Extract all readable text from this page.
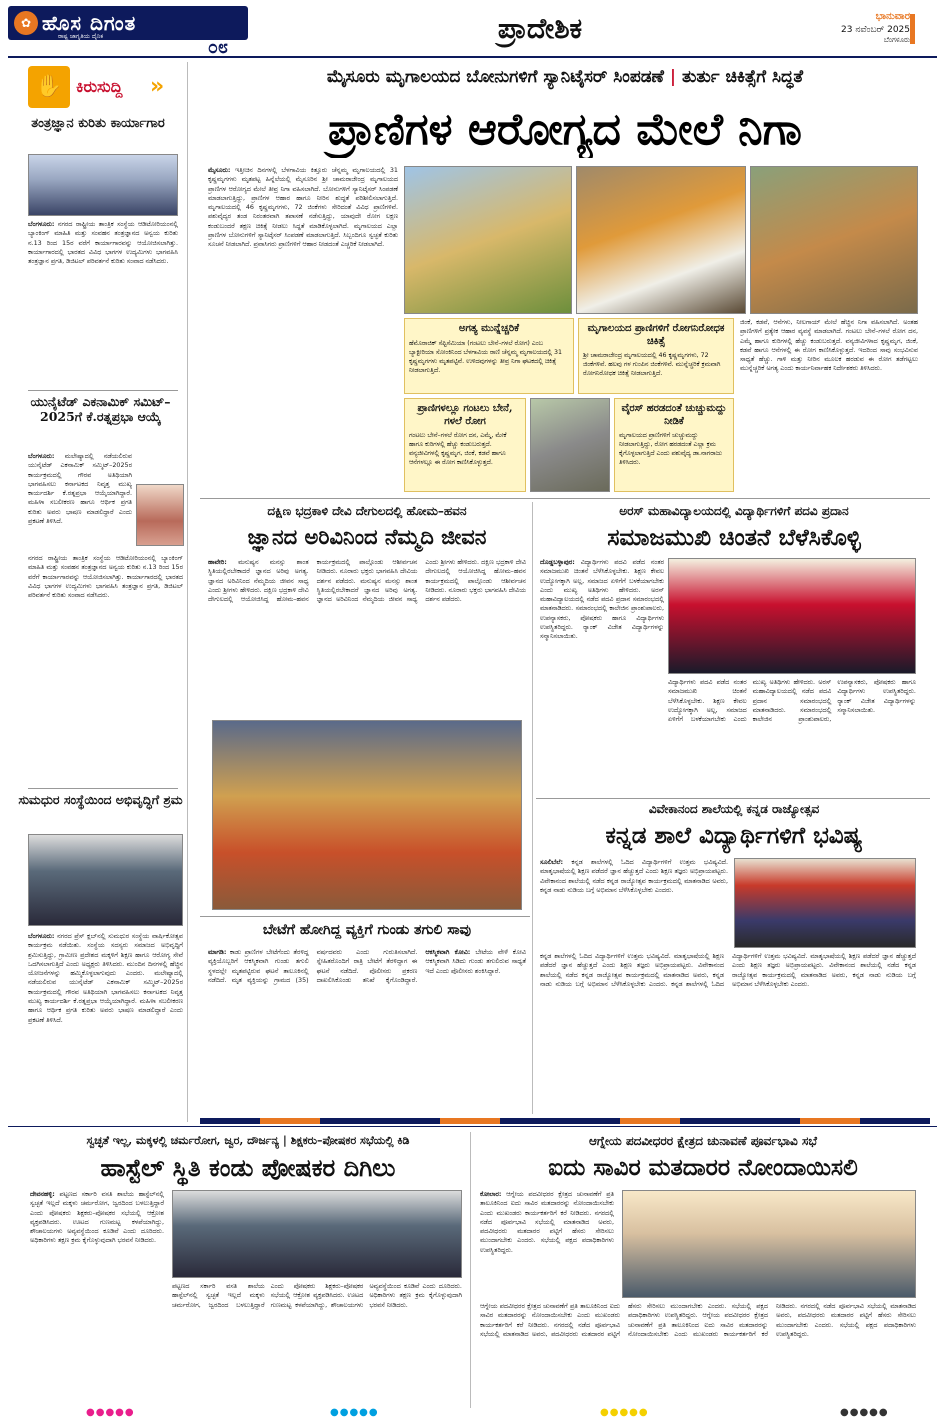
✿ ಹೊಸ ದಿಗಂತ
ರಾಷ್ಟ್ರ ಜಾಗೃತಿಯ ದೈನಿಕ
೦೮
ಪ್ರಾದೇಶಿಕ	ಭಾನುವಾರ
23 ನವೆಂಬರ್ 2025
ಬೆಂಗಳೂರು
✋ ಕಿರುಸುದ್ದಿ »
ತಂತ್ರಜ್ಞಾನ ಕುರಿತು ಕಾರ್ಯಾಗಾರ
ಬೆಂಗಳೂರು: ನಗರದ ರಾಷ್ಟ್ರೀಯ ತಾಂತ್ರಿಕ ಸಂಸ್ಥೆಯ ಆಡಿಟೋರಿಯಂನಲ್ಲಿ ಬ್ಯಾಂಕಿಂಗ್ ಮಾಹಿತಿ ಮತ್ತು ಸಂವಹನ ತಂತ್ರಜ್ಞಾನದ ಅನ್ವಯ ಕುರಿತು ನ.13 ರಿಂದ 15ರ ವರೆಗೆ ಕಾರ್ಯಾಗಾರವನ್ನು ಆಯೋಜಿಸಲಾಗಿತ್ತು. ಕಾರ್ಯಾಗಾರದಲ್ಲಿ ಭಾರತದ ವಿವಿಧ ಭಾಗಗಳ ಉದ್ಯಮಿಗಳು ಭಾಗವಹಿಸಿ ತಂತ್ರಜ್ಞಾನ ಪ್ರಗತಿ, ಡಿಜಿಟಲ್ ಪರಿವರ್ತನೆ ಕುರಿತು ಸಂವಾದ ನಡೆಸಿದರು.
ಯುನೈಟೆಡ್ ಎಕನಾಮಿಕ್ ಸಮಿಟ್–2025ಗೆ ಕೆ.ರತ್ನಪ್ರಭಾ ಆಯ್ಕೆ
ಬೆಂಗಳೂರು: ಮಲೇಷ್ಯಾದಲ್ಲಿ ನಡೆಯಲಿರುವ ಯುನೈಟೆಡ್ ಎಕನಾಮಿಕ್ ಸಮ್ಮಿಟ್–2025ರ ಕಾರ್ಯಕ್ರಮದಲ್ಲಿ ಗೌರವ ಅತಿಥಿಯಾಗಿ ಭಾಗವಹಿಸಲು ಕರ್ನಾಟಕದ ನಿವೃತ್ತ ಮುಖ್ಯ ಕಾರ್ಯದರ್ಶಿ ಕೆ.ರತ್ನಪ್ರಭಾ ಆಯ್ಕೆಯಾಗಿದ್ದಾರೆ. ಮಹಿಳಾ ಸಬಲೀಕರಣ ಹಾಗೂ ಆರ್ಥಿಕ ಪ್ರಗತಿ ಕುರಿತು ಅವರು ಭಾಷಣ ಮಾಡಲಿದ್ದಾರೆ ಎಂದು ಪ್ರಕಟಣೆ ತಿಳಿಸಿದೆ.
ನಗರದ ರಾಷ್ಟ್ರೀಯ ತಾಂತ್ರಿಕ ಸಂಸ್ಥೆಯ ಆಡಿಟೋರಿಯಂನಲ್ಲಿ ಬ್ಯಾಂಕಿಂಗ್ ಮಾಹಿತಿ ಮತ್ತು ಸಂವಹನ ತಂತ್ರಜ್ಞಾನದ ಅನ್ವಯ ಕುರಿತು ನ.13 ರಿಂದ 15ರ ವರೆಗೆ ಕಾರ್ಯಾಗಾರವನ್ನು ಆಯೋಜಿಸಲಾಗಿತ್ತು. ಕಾರ್ಯಾಗಾರದಲ್ಲಿ ಭಾರತದ ವಿವಿಧ ಭಾಗಗಳ ಉದ್ಯಮಿಗಳು ಭಾಗವಹಿಸಿ ತಂತ್ರಜ್ಞಾನ ಪ್ರಗತಿ, ಡಿಜಿಟಲ್ ಪರಿವರ್ತನೆ ಕುರಿತು ಸಂವಾದ ನಡೆಸಿದರು.
ಸುಮಧುರ ಸಂಸ್ಥೆಯಿಂದ ಅಭಿವೃದ್ಧಿಗೆ ಶ್ರಮ
ಬೆಂಗಳೂರು: ನಗರದ ಪ್ರೆಸ್ ಕ್ಲಬ್‌ನಲ್ಲಿ ಸುಮಧುರ ಸಂಸ್ಥೆಯ ವಾರ್ಷಿಕೋತ್ಸವ ಕಾರ್ಯಕ್ರಮ ನಡೆಯಿತು. ಸಂಸ್ಥೆಯ ಸದಸ್ಯರು ಸಮಾಜದ ಅಭಿವೃದ್ಧಿಗೆ ಶ್ರಮಿಸುತ್ತಿದ್ದು, ಗ್ರಾಮೀಣ ಪ್ರದೇಶದ ಮಕ್ಕಳಿಗೆ ಶಿಕ್ಷಣ ಹಾಗೂ ಆರೋಗ್ಯ ಸೇವೆ ಒದಗಿಸಲಾಗುತ್ತಿದೆ ಎಂದು ಅಧ್ಯಕ್ಷರು ತಿಳಿಸಿದರು. ಮುಂದಿನ ದಿನಗಳಲ್ಲಿ ಹೆಚ್ಚಿನ ಯೋಜನೆಗಳನ್ನು ಹಮ್ಮಿಕೊಳ್ಳಲಾಗುವುದು ಎಂದರು. ಮಲೇಷ್ಯಾದಲ್ಲಿ ನಡೆಯಲಿರುವ ಯುನೈಟೆಡ್ ಎಕನಾಮಿಕ್ ಸಮ್ಮಿಟ್–2025ರ ಕಾರ್ಯಕ್ರಮದಲ್ಲಿ ಗೌರವ ಅತಿಥಿಯಾಗಿ ಭಾಗವಹಿಸಲು ಕರ್ನಾಟಕದ ನಿವೃತ್ತ ಮುಖ್ಯ ಕಾರ್ಯದರ್ಶಿ ಕೆ.ರತ್ನಪ್ರಭಾ ಆಯ್ಕೆಯಾಗಿದ್ದಾರೆ. ಮಹಿಳಾ ಸಬಲೀಕರಣ ಹಾಗೂ ಆರ್ಥಿಕ ಪ್ರಗತಿ ಕುರಿತು ಅವರು ಭಾಷಣ ಮಾಡಲಿದ್ದಾರೆ ಎಂದು ಪ್ರಕಟಣೆ ತಿಳಿಸಿದೆ.
ಮೈಸೂರು ಮೃಗಾಲಯದ ಬೋನುಗಳಿಗೆ ಸ್ಯಾನಿಟೈಸರ್ ಸಿಂಪಡಣೆ | ತುರ್ತು ಚಿಕಿತ್ಸೆಗೆ ಸಿದ್ಧತೆ
ಪ್ರಾಣಿಗಳ ಆರೋಗ್ಯದ ಮೇಲೆ ನಿಗಾ
ಮೈಸೂರು: ಇತ್ತೀಚಿನ ದಿನಗಳಲ್ಲಿ ಬೆಳಗಾವಿಯ ಕಿತ್ತೂರು ಚೆನ್ನಮ್ಮ ಮೃಗಾಲಯದಲ್ಲಿ 31 ಕೃಷ್ಣಮೃಗಗಳು ಮೃತಪಟ್ಟ ಹಿನ್ನೆಲೆಯಲ್ಲಿ ಮೈಸೂರಿನ ಶ್ರೀ ಚಾಮರಾಜೇಂದ್ರ ಮೃಗಾಲಯದ ಪ್ರಾಣಿಗಳ ಆರೋಗ್ಯದ ಮೇಲೆ ತೀವ್ರ ನಿಗಾ ವಹಿಸಲಾಗಿದೆ. ಬೋನುಗಳಿಗೆ ಸ್ಯಾನಿಟೈಸರ್ ಸಿಂಪಡಣೆ ಮಾಡಲಾಗುತ್ತಿದ್ದು, ಪ್ರಾಣಿಗಳ ಆಹಾರ ಹಾಗೂ ನೀರಿನ ಶುದ್ಧತೆ ಪರಿಶೀಲಿಸಲಾಗುತ್ತಿದೆ. ಮೃಗಾಲಯದಲ್ಲಿ 46 ಕೃಷ್ಣಮೃಗಗಳು, 72 ಜಿಂಕೆಗಳು ಸೇರಿದಂತೆ ವಿವಿಧ ಪ್ರಾಣಿಗಳಿವೆ. ಪಶುವೈದ್ಯರ ತಂಡ ನಿರಂತರವಾಗಿ ತಪಾಸಣೆ ನಡೆಸುತ್ತಿದ್ದು, ಯಾವುದೇ ರೋಗ ಲಕ್ಷಣ ಕಂಡುಬಂದರೆ ತಕ್ಷಣ ಚಿಕಿತ್ಸೆ ನೀಡಲು ಸಿದ್ಧತೆ ಮಾಡಿಕೊಳ್ಳಲಾಗಿದೆ. ಮೃಗಾಲಯದ ಎಲ್ಲಾ ಪ್ರಾಣಿಗಳ ಬೋನುಗಳಿಗೆ ಸ್ಯಾನಿಟೈಸರ್ ಸಿಂಪಡಣೆ ಮಾಡಲಾಗುತ್ತಿದೆ. ಸಿಬ್ಬಂದಿಗೂ ಸ್ವಚ್ಛತೆ ಕುರಿತು ಸೂಚನೆ ನೀಡಲಾಗಿದೆ. ಪ್ರವಾಸಿಗರು ಪ್ರಾಣಿಗಳಿಗೆ ಆಹಾರ ನೀಡದಂತೆ ಎಚ್ಚರಿಕೆ ನೀಡಲಾಗಿದೆ.
ಅಗತ್ಯ ಮುನ್ನೆಚ್ಚರಿಕೆ
ಹೆಮೊರಾಜಿಕ್ ಸೆಪ್ಟಿಸೆಮಿಯಾ (ಗಂಟಲು ಬೇನೆ–ಗಳಲೆ ರೋಗ) ಎಂಬ ಬ್ಯಾಕ್ಟೀರಿಯಾ ಸೋಂಕಿನಿಂದ ಬೆಳಗಾವಿಯ ರಾಣಿ ಚೆನ್ನಮ್ಮ ಮೃಗಾಲಯದಲ್ಲಿ 31 ಕೃಷ್ಣಮೃಗಗಳು ಮೃತಪಟ್ಟಿವೆ. ಉಳಿದವುಗಳನ್ನು ತೀವ್ರ ನಿಗಾ ಘಟಕದಲ್ಲಿ ಚಿಕಿತ್ಸೆ ನೀಡಲಾಗುತ್ತಿದೆ.
ಮೃಗಾಲಯದ ಪ್ರಾಣಿಗಳಿಗೆ ರೋಗನಿರೋಧಕ ಚಿಕಿತ್ಸೆ
ಶ್ರೀ ಚಾಮರಾಜೇಂದ್ರ ಮೃಗಾಲಯದಲ್ಲಿ 46 ಕೃಷ್ಣಮೃಗಗಳು, 72 ಜಿಂಕೆಗಳಿವೆ. ಹಲವು ಗಳ ಗುಂಪಿನ ಜಿಂಕೆಗಳಿವೆ. ಮುನ್ನೆಚ್ಚರಿಕೆ ಕ್ರಮವಾಗಿ ರೋಗನಿರೋಧಕ ಚಿಕಿತ್ಸೆ ನೀಡಲಾಗುತ್ತಿದೆ.
ಪ್ರಾಣಿಗಳಲ್ಲೂ ಗಂಟಲು ಬೇನೆ, ಗಳಲೆ ರೋಗ
ಗಂಟಲು ಬೇನೆ–ಗಳಲೆ ರೋಗ ದನ, ಎಮ್ಮೆ, ಮೇಕೆ ಹಾಗೂ ಕುರಿಗಳಲ್ಲಿ ಹೆಚ್ಚು ಕಂಡುಬರುತ್ತದೆ. ವನ್ಯಜೀವಿಗಳಲ್ಲಿ ಕೃಷ್ಣಮೃಗ, ಜಿಂಕೆ, ಕಡವೆ ಹಾಗೂ ಆನೆಗಳಲ್ಲೂ ಈ ರೋಗ ಕಾಣಿಸಿಕೊಳ್ಳುತ್ತದೆ.
ವೈರಸ್ ಹರಡದಂತೆ ಚುಚ್ಚುಮದ್ದು ನೀಡಿಕೆ
ಮೃಗಾಲಯದ ಪ್ರಾಣಿಗಳಿಗೆ ಚುಚ್ಚುಮದ್ದು ನೀಡಲಾಗುತ್ತಿದ್ದು, ರೋಗ ಹರಡದಂತೆ ಎಲ್ಲಾ ಕ್ರಮ ಕೈಗೊಳ್ಳಲಾಗುತ್ತಿದೆ ಎಂದು ಪಶುವೈದ್ಯ ಡಾ.ನಾಗರಾಜು ತಿಳಿಸಿದರು.
ಜಿಂಕೆ, ಕಡವೆ, ಆನೆಗಳು, ನೀಲಗಾಯ್ ಮೇಲೆ ಹೆಚ್ಚಿನ ನಿಗಾ ವಹಿಸಲಾಗಿದೆ. ಅಂತಹ ಪ್ರಾಣಿಗಳಿಗೆ ಪ್ರತ್ಯೇಕ ಆಹಾರ ವ್ಯವಸ್ಥೆ ಮಾಡಲಾಗಿದೆ. ಗಂಟಲು ಬೇನೆ–ಗಳಲೆ ರೋಗ ದನ, ಎಮ್ಮೆ ಹಾಗೂ ಕುರಿಗಳಲ್ಲಿ ಹೆಚ್ಚು ಕಂಡುಬರುತ್ತದೆ. ವನ್ಯಜೀವಿಗಳಾದ ಕೃಷ್ಣಮೃಗ, ಜಿಂಕೆ, ಕಡವೆ ಹಾಗೂ ಆನೆಗಳಲ್ಲಿ ಈ ರೋಗ ಕಾಣಿಸಿಕೊಳ್ಳುತ್ತದೆ. ಇದರಿಂದ ಸಾವು ಸಂಭವಿಸುವ ಸಾಧ್ಯತೆ ಹೆಚ್ಚು. ಗಾಳಿ ಮತ್ತು ನೀರಿನ ಮೂಲಕ ಹರಡುವ ಈ ರೋಗ ತಡೆಗಟ್ಟಲು ಮುನ್ನೆಚ್ಚರಿಕೆ ಅಗತ್ಯ ಎಂದು ಕಾರ್ಯನಿರ್ವಾಹಕ ನಿರ್ದೇಶಕರು ತಿಳಿಸಿದರು.
ದಕ್ಷಿಣ ಭದ್ರಕಾಳಿ ದೇವಿ ದೇಗುಲದಲ್ಲಿ ಹೋಮ–ಹವನ
ಜ್ಞಾನದ ಅರಿವಿನಿಂದ ನೆಮ್ಮದಿ ಜೀವನ
ಹಾವೇರಿ: ಮನುಷ್ಯನ ಮನಸ್ಸು ಶಾಂತ ಸ್ಥಿತಿಯಲ್ಲಿರಬೇಕಾದರೆ ಜ್ಞಾನದ ಅರಿವು ಅಗತ್ಯ. ಜ್ಞಾನದ ಅರಿವಿನಿಂದ ನೆಮ್ಮದಿಯ ಜೀವನ ಸಾಧ್ಯ ಎಂದು ಶ್ರೀಗಳು ಹೇಳಿದರು. ದಕ್ಷಿಣ ಭದ್ರಕಾಳಿ ದೇವಿ ದೇಗುಲದಲ್ಲಿ ಆಯೋಜಿಸಿದ್ದ ಹೋಮ–ಹವನ ಕಾರ್ಯಕ್ರಮದಲ್ಲಿ ಪಾಲ್ಗೊಂಡು ಆಶೀರ್ವಚನ ನೀಡಿದರು. ನೂರಾರು ಭಕ್ತರು ಭಾಗವಹಿಸಿ ದೇವಿಯ ದರ್ಶನ ಪಡೆದರು. ಮನುಷ್ಯನ ಮನಸ್ಸು ಶಾಂತ ಸ್ಥಿತಿಯಲ್ಲಿರಬೇಕಾದರೆ ಜ್ಞಾನದ ಅರಿವು ಅಗತ್ಯ. ಜ್ಞಾನದ ಅರಿವಿನಿಂದ ನೆಮ್ಮದಿಯ ಜೀವನ ಸಾಧ್ಯ ಎಂದು ಶ್ರೀಗಳು ಹೇಳಿದರು. ದಕ್ಷಿಣ ಭದ್ರಕಾಳಿ ದೇವಿ ದೇಗುಲದಲ್ಲಿ ಆಯೋಜಿಸಿದ್ದ ಹೋಮ–ಹವನ ಕಾರ್ಯಕ್ರಮದಲ್ಲಿ ಪಾಲ್ಗೊಂಡು ಆಶೀರ್ವಚನ ನೀಡಿದರು. ನೂರಾರು ಭಕ್ತರು ಭಾಗವಹಿಸಿ ದೇವಿಯ ದರ್ಶನ ಪಡೆದರು.
ಅರಸ್ ಮಹಾವಿದ್ಯಾಲಯದಲ್ಲಿ ವಿದ್ಯಾರ್ಥಿಗಳಿಗೆ ಪದವಿ ಪ್ರದಾನ
ಸಮಾಜಮುಖಿ ಚಿಂತನೆ ಬೆಳೆಸಿಕೊಳ್ಳಿ
ದೊಡ್ಡಬಳ್ಳಾಪುರ: ವಿದ್ಯಾರ್ಥಿಗಳು ಪದವಿ ಪಡೆದ ನಂತರ ಸಮಾಜಮುಖಿ ಚಿಂತನೆ ಬೆಳೆಸಿಕೊಳ್ಳಬೇಕು. ಶಿಕ್ಷಣ ಕೇವಲ ಉದ್ಯೋಗಕ್ಕಾಗಿ ಅಲ್ಲ, ಸಮಾಜದ ಏಳಿಗೆಗೆ ಬಳಕೆಯಾಗಬೇಕು ಎಂದು ಮುಖ್ಯ ಅತಿಥಿಗಳು ಹೇಳಿದರು. ಅರಸ್ ಮಹಾವಿದ್ಯಾಲಯದಲ್ಲಿ ನಡೆದ ಪದವಿ ಪ್ರದಾನ ಸಮಾರಂಭದಲ್ಲಿ ಮಾತನಾಡಿದರು. ಸಮಾರಂಭದಲ್ಲಿ ಕಾಲೇಜಿನ ಪ್ರಾಂಶುಪಾಲರು, ಉಪನ್ಯಾಸಕರು, ಪೋಷಕರು ಹಾಗೂ ವಿದ್ಯಾರ್ಥಿಗಳು ಉಪಸ್ಥಿತರಿದ್ದರು. ರ‍್ಯಾಂಕ್ ವಿಜೇತ ವಿದ್ಯಾರ್ಥಿಗಳನ್ನು ಸನ್ಮಾನಿಸಲಾಯಿತು.
ವಿದ್ಯಾರ್ಥಿಗಳು ಪದವಿ ಪಡೆದ ನಂತರ ಸಮಾಜಮುಖಿ ಚಿಂತನೆ ಬೆಳೆಸಿಕೊಳ್ಳಬೇಕು. ಶಿಕ್ಷಣ ಕೇವಲ ಉದ್ಯೋಗಕ್ಕಾಗಿ ಅಲ್ಲ, ಸಮಾಜದ ಏಳಿಗೆಗೆ ಬಳಕೆಯಾಗಬೇಕು ಎಂದು ಮುಖ್ಯ ಅತಿಥಿಗಳು ಹೇಳಿದರು. ಅರಸ್ ಮಹಾವಿದ್ಯಾಲಯದಲ್ಲಿ ನಡೆದ ಪದವಿ ಪ್ರದಾನ ಸಮಾರಂಭದಲ್ಲಿ ಮಾತನಾಡಿದರು. ಸಮಾರಂಭದಲ್ಲಿ ಕಾಲೇಜಿನ ಪ್ರಾಂಶುಪಾಲರು, ಉಪನ್ಯಾಸಕರು, ಪೋಷಕರು ಹಾಗೂ ವಿದ್ಯಾರ್ಥಿಗಳು ಉಪಸ್ಥಿತರಿದ್ದರು. ರ‍್ಯಾಂಕ್ ವಿಜೇತ ವಿದ್ಯಾರ್ಥಿಗಳನ್ನು ಸನ್ಮಾನಿಸಲಾಯಿತು.
ವಿವೇಕಾನಂದ ಶಾಲೆಯಲ್ಲಿ ಕನ್ನಡ ರಾಜ್ಯೋತ್ಸವ
ಕನ್ನಡ ಶಾಲೆ ವಿದ್ಯಾರ್ಥಿಗಳಿಗೆ ಭವಿಷ್ಯ
ಸೂಲಿಬೆಲೆ: ಕನ್ನಡ ಶಾಲೆಗಳಲ್ಲಿ ಓದಿದ ವಿದ್ಯಾರ್ಥಿಗಳಿಗೆ ಉತ್ತಮ ಭವಿಷ್ಯವಿದೆ. ಮಾತೃಭಾಷೆಯಲ್ಲಿ ಶಿಕ್ಷಣ ಪಡೆದರೆ ಜ್ಞಾನ ಹೆಚ್ಚುತ್ತದೆ ಎಂದು ಶಿಕ್ಷಣ ತಜ್ಞರು ಅಭಿಪ್ರಾಯಪಟ್ಟರು. ವಿವೇಕಾನಂದ ಶಾಲೆಯಲ್ಲಿ ನಡೆದ ಕನ್ನಡ ರಾಜ್ಯೋತ್ಸವ ಕಾರ್ಯಕ್ರಮದಲ್ಲಿ ಮಾತನಾಡಿದ ಅವರು, ಕನ್ನಡ ನಾಡು ನುಡಿಯ ಬಗ್ಗೆ ಅಭಿಮಾನ ಬೆಳೆಸಿಕೊಳ್ಳಬೇಕು ಎಂದರು.
ಕನ್ನಡ ಶಾಲೆಗಳಲ್ಲಿ ಓದಿದ ವಿದ್ಯಾರ್ಥಿಗಳಿಗೆ ಉತ್ತಮ ಭವಿಷ್ಯವಿದೆ. ಮಾತೃಭಾಷೆಯಲ್ಲಿ ಶಿಕ್ಷಣ ಪಡೆದರೆ ಜ್ಞಾನ ಹೆಚ್ಚುತ್ತದೆ ಎಂದು ಶಿಕ್ಷಣ ತಜ್ಞರು ಅಭಿಪ್ರಾಯಪಟ್ಟರು. ವಿವೇಕಾನಂದ ಶಾಲೆಯಲ್ಲಿ ನಡೆದ ಕನ್ನಡ ರಾಜ್ಯೋತ್ಸವ ಕಾರ್ಯಕ್ರಮದಲ್ಲಿ ಮಾತನಾಡಿದ ಅವರು, ಕನ್ನಡ ನಾಡು ನುಡಿಯ ಬಗ್ಗೆ ಅಭಿಮಾನ ಬೆಳೆಸಿಕೊಳ್ಳಬೇಕು ಎಂದರು. ಕನ್ನಡ ಶಾಲೆಗಳಲ್ಲಿ ಓದಿದ ವಿದ್ಯಾರ್ಥಿಗಳಿಗೆ ಉತ್ತಮ ಭವಿಷ್ಯವಿದೆ. ಮಾತೃಭಾಷೆಯಲ್ಲಿ ಶಿಕ್ಷಣ ಪಡೆದರೆ ಜ್ಞಾನ ಹೆಚ್ಚುತ್ತದೆ ಎಂದು ಶಿಕ್ಷಣ ತಜ್ಞರು ಅಭಿಪ್ರಾಯಪಟ್ಟರು. ವಿವೇಕಾನಂದ ಶಾಲೆಯಲ್ಲಿ ನಡೆದ ಕನ್ನಡ ರಾಜ್ಯೋತ್ಸವ ಕಾರ್ಯಕ್ರಮದಲ್ಲಿ ಮಾತನಾಡಿದ ಅವರು, ಕನ್ನಡ ನಾಡು ನುಡಿಯ ಬಗ್ಗೆ ಅಭಿಮಾನ ಬೆಳೆಸಿಕೊಳ್ಳಬೇಕು ಎಂದರು.
ಬೇಟೆಗೆ ಹೋಗಿದ್ದ ವ್ಯಕ್ತಿಗೆ ಗುಂಡು ತಗುಲಿ ಸಾವು
ಮಾಗಡಿ: ಕಾಡು ಪ್ರಾಣಿಗಳ ಬೇಟೆಗೆಂದು ತೆರಳಿದ್ದ ವ್ಯಕ್ತಿಯೊಬ್ಬರಿಗೆ ಆಕಸ್ಮಿಕವಾಗಿ ಗುಂಡು ತಗುಲಿ ಸ್ಥಳದಲ್ಲೇ ಮೃತಪಟ್ಟಿರುವ ಘಟನೆ ತಾಲೂಕಿನಲ್ಲಿ ನಡೆದಿದೆ. ಮೃತ ವ್ಯಕ್ತಿಯನ್ನು ಗ್ರಾಮದ (35) ವರ್ಷದವರು ಎಂದು ಗುರುತಿಸಲಾಗಿದೆ. ಸ್ನೇಹಿತರೊಂದಿಗೆ ರಾತ್ರಿ ಬೇಟೆಗೆ ತೆರಳಿದ್ದಾಗ ಈ ಘಟನೆ ನಡೆದಿದೆ. ಪೊಲೀಸರು ಪ್ರಕರಣ ದಾಖಲಿಸಿಕೊಂಡು ತನಿಖೆ ಕೈಗೊಂಡಿದ್ದಾರೆ. ಆಕಸ್ಮಿಕವಾಗಿ ಕೋವಿ: ಬೇಟೆಯ ವೇಳೆ ಕೋವಿ ಆಕಸ್ಮಿಕವಾಗಿ ಸಿಡಿದು ಗುಂಡು ತಗುಲಿರುವ ಸಾಧ್ಯತೆ ಇದೆ ಎಂದು ಪೊಲೀಸರು ಶಂಕಿಸಿದ್ದಾರೆ.
ಸ್ವಚ್ಛತೆ ಇಲ್ಲ, ಮಕ್ಕಳಲ್ಲಿ ಚರ್ಮರೋಗ, ಜ್ವರ, ದೌರ್ಜನ್ಯ | ಶಿಕ್ಷಕರು–ಪೋಷಕರ ಸಭೆಯಲ್ಲಿ ಕಿಡಿ
ಹಾಸ್ಟೆಲ್ ಸ್ಥಿತಿ ಕಂಡು ಪೋಷಕರ ದಿಗಿಲು
ದೇವನಹಳ್ಳಿ: ಪಟ್ಟಣದ ಸರ್ಕಾರಿ ವಸತಿ ಶಾಲೆಯ ಹಾಸ್ಟೆಲ್‌ನಲ್ಲಿ ಸ್ವಚ್ಛತೆ ಇಲ್ಲದೆ ಮಕ್ಕಳು ಚರ್ಮರೋಗ, ಜ್ವರದಿಂದ ಬಳಲುತ್ತಿದ್ದಾರೆ ಎಂದು ಪೋಷಕರು ಶಿಕ್ಷಕರು–ಪೋಷಕರ ಸಭೆಯಲ್ಲಿ ಆಕ್ರೋಶ ವ್ಯಕ್ತಪಡಿಸಿದರು. ಊಟದ ಗುಣಮಟ್ಟ ಕಳಪೆಯಾಗಿದ್ದು, ಶೌಚಾಲಯಗಳು ಅವ್ಯವಸ್ಥೆಯಿಂದ ಕೂಡಿವೆ ಎಂದು ದೂರಿದರು. ಅಧಿಕಾರಿಗಳು ತಕ್ಷಣ ಕ್ರಮ ಕೈಗೊಳ್ಳುವುದಾಗಿ ಭರವಸೆ ನೀಡಿದರು.
ಪಟ್ಟಣದ ಸರ್ಕಾರಿ ವಸತಿ ಶಾಲೆಯ ಹಾಸ್ಟೆಲ್‌ನಲ್ಲಿ ಸ್ವಚ್ಛತೆ ಇಲ್ಲದೆ ಮಕ್ಕಳು ಚರ್ಮರೋಗ, ಜ್ವರದಿಂದ ಬಳಲುತ್ತಿದ್ದಾರೆ ಎಂದು ಪೋಷಕರು ಶಿಕ್ಷಕರು–ಪೋಷಕರ ಸಭೆಯಲ್ಲಿ ಆಕ್ರೋಶ ವ್ಯಕ್ತಪಡಿಸಿದರು. ಊಟದ ಗುಣಮಟ್ಟ ಕಳಪೆಯಾಗಿದ್ದು, ಶೌಚಾಲಯಗಳು ಅವ್ಯವಸ್ಥೆಯಿಂದ ಕೂಡಿವೆ ಎಂದು ದೂರಿದರು. ಅಧಿಕಾರಿಗಳು ತಕ್ಷಣ ಕ್ರಮ ಕೈಗೊಳ್ಳುವುದಾಗಿ ಭರವಸೆ ನೀಡಿದರು.
ಆಗ್ನೇಯ ಪದವೀಧರರ ಕ್ಷೇತ್ರದ ಚುನಾವಣೆ ಪೂರ್ವಭಾವಿ ಸಭೆ
ಐದು ಸಾವಿರ ಮತದಾರರ ನೋಂದಾಯಿಸಲಿ
ಕೋಲಾರ: ಆಗ್ನೇಯ ಪದವೀಧರರ ಕ್ಷೇತ್ರದ ಚುನಾವಣೆಗೆ ಪ್ರತಿ ತಾಲೂಕಿನಿಂದ ಐದು ಸಾವಿರ ಮತದಾರರನ್ನು ನೋಂದಾಯಿಸಬೇಕು ಎಂದು ಮುಖಂಡರು ಕಾರ್ಯಕರ್ತರಿಗೆ ಕರೆ ನೀಡಿದರು. ನಗರದಲ್ಲಿ ನಡೆದ ಪೂರ್ವಭಾವಿ ಸಭೆಯಲ್ಲಿ ಮಾತನಾಡಿದ ಅವರು, ಪದವೀಧರರು ಮತದಾರರ ಪಟ್ಟಿಗೆ ಹೆಸರು ಸೇರಿಸಲು ಮುಂದಾಗಬೇಕು ಎಂದರು. ಸಭೆಯಲ್ಲಿ ಪಕ್ಷದ ಪದಾಧಿಕಾರಿಗಳು ಉಪಸ್ಥಿತರಿದ್ದರು.
ಆಗ್ನೇಯ ಪದವೀಧರರ ಕ್ಷೇತ್ರದ ಚುನಾವಣೆಗೆ ಪ್ರತಿ ತಾಲೂಕಿನಿಂದ ಐದು ಸಾವಿರ ಮತದಾರರನ್ನು ನೋಂದಾಯಿಸಬೇಕು ಎಂದು ಮುಖಂಡರು ಕಾರ್ಯಕರ್ತರಿಗೆ ಕರೆ ನೀಡಿದರು. ನಗರದಲ್ಲಿ ನಡೆದ ಪೂರ್ವಭಾವಿ ಸಭೆಯಲ್ಲಿ ಮಾತನಾಡಿದ ಅವರು, ಪದವೀಧರರು ಮತದಾರರ ಪಟ್ಟಿಗೆ ಹೆಸರು ಸೇರಿಸಲು ಮುಂದಾಗಬೇಕು ಎಂದರು. ಸಭೆಯಲ್ಲಿ ಪಕ್ಷದ ಪದಾಧಿಕಾರಿಗಳು ಉಪಸ್ಥಿತರಿದ್ದರು. ಆಗ್ನೇಯ ಪದವೀಧರರ ಕ್ಷೇತ್ರದ ಚುನಾವಣೆಗೆ ಪ್ರತಿ ತಾಲೂಕಿನಿಂದ ಐದು ಸಾವಿರ ಮತದಾರರನ್ನು ನೋಂದಾಯಿಸಬೇಕು ಎಂದು ಮುಖಂಡರು ಕಾರ್ಯಕರ್ತರಿಗೆ ಕರೆ ನೀಡಿದರು. ನಗರದಲ್ಲಿ ನಡೆದ ಪೂರ್ವಭಾವಿ ಸಭೆಯಲ್ಲಿ ಮಾತನಾಡಿದ ಅವರು, ಪದವೀಧರರು ಮತದಾರರ ಪಟ್ಟಿಗೆ ಹೆಸರು ಸೇರಿಸಲು ಮುಂದಾಗಬೇಕು ಎಂದರು. ಸಭೆಯಲ್ಲಿ ಪಕ್ಷದ ಪದಾಧಿಕಾರಿಗಳು ಉಪಸ್ಥಿತರಿದ್ದರು.
●●●●●	●●●●●	●●●●●	●●●●●
